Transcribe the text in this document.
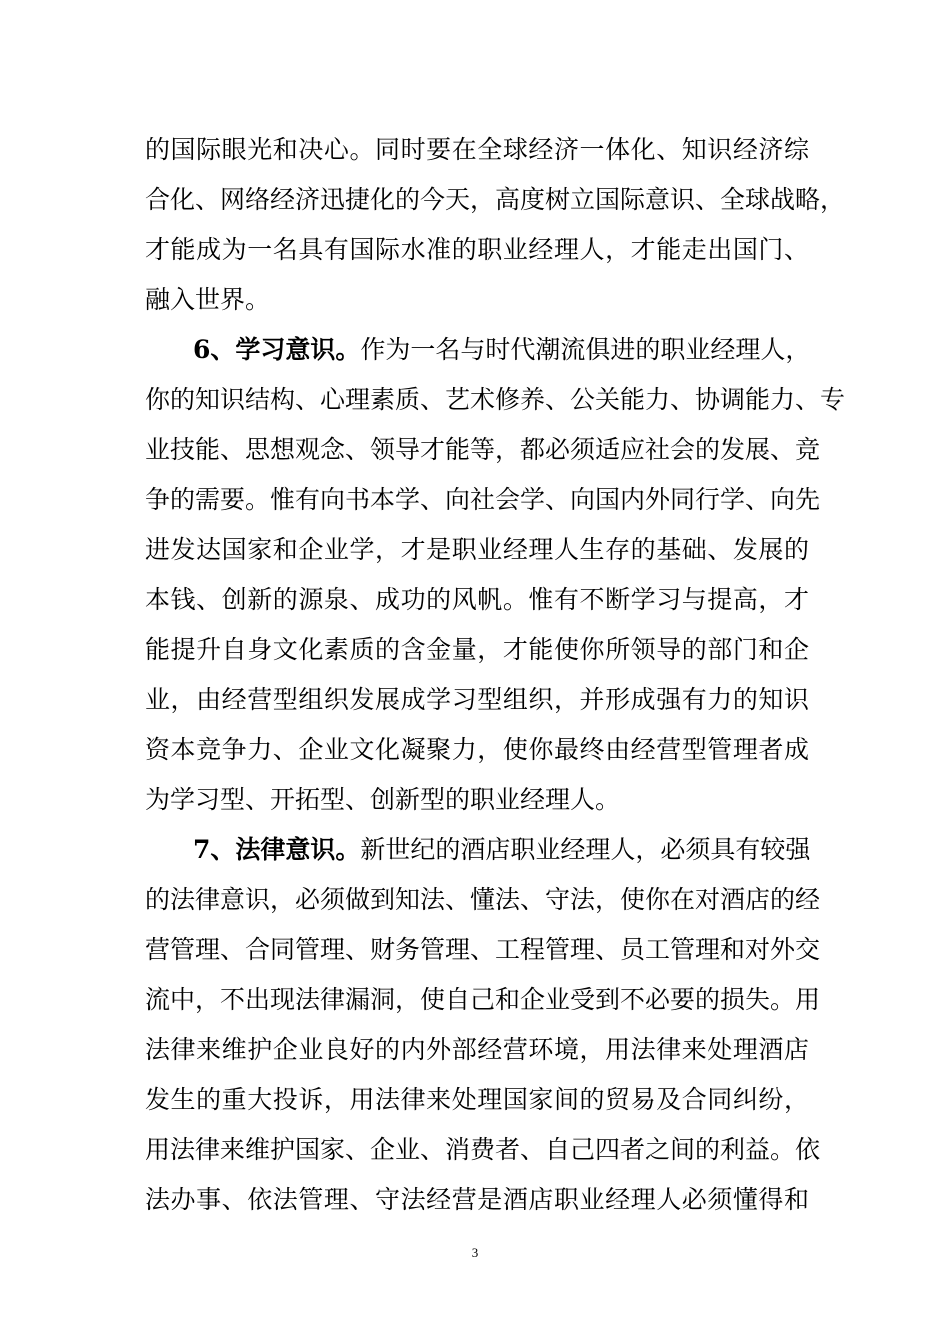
的国际眼光和决心。同时要在全球经济一体化、知识经济综
合化、网络经济迅捷化的今天，高度树立国际意识、全球战略，
才能成为一名具有国际水准的职业经理人，才能走出国门、
融入世界。
6、学习意识。作为一名与时代潮流俱进的职业经理人，
你的知识结构、心理素质、艺术修养、公关能力、协调能力、专
业技能、思想观念、领导才能等，都必须适应社会的发展、竞
争的需要。惟有向书本学、向社会学、向国内外同行学、向先
进发达国家和企业学，才是职业经理人生存的基础、发展的
本钱、创新的源泉、成功的风帆。惟有不断学习与提高，才
能提升自身文化素质的含金量，才能使你所领导的部门和企
业，由经营型组织发展成学习型组织，并形成强有力的知识
资本竞争力、企业文化凝聚力，使你最终由经营型管理者成
为学习型、开拓型、创新型的职业经理人。
7、法律意识。新世纪的酒店职业经理人，必须具有较强
的法律意识，必须做到知法、懂法、守法，使你在对酒店的经
营管理、合同管理、财务管理、工程管理、员工管理和对外交
流中，不出现法律漏洞，使自己和企业受到不必要的损失。用
法律来维护企业良好的内外部经营环境，用法律来处理酒店
发生的重大投诉，用法律来处理国家间的贸易及合同纠纷，
用法律来维护国家、企业、消费者、自己四者之间的利益。依
法办事、依法管理、守法经营是酒店职业经理人必须懂得和
3
